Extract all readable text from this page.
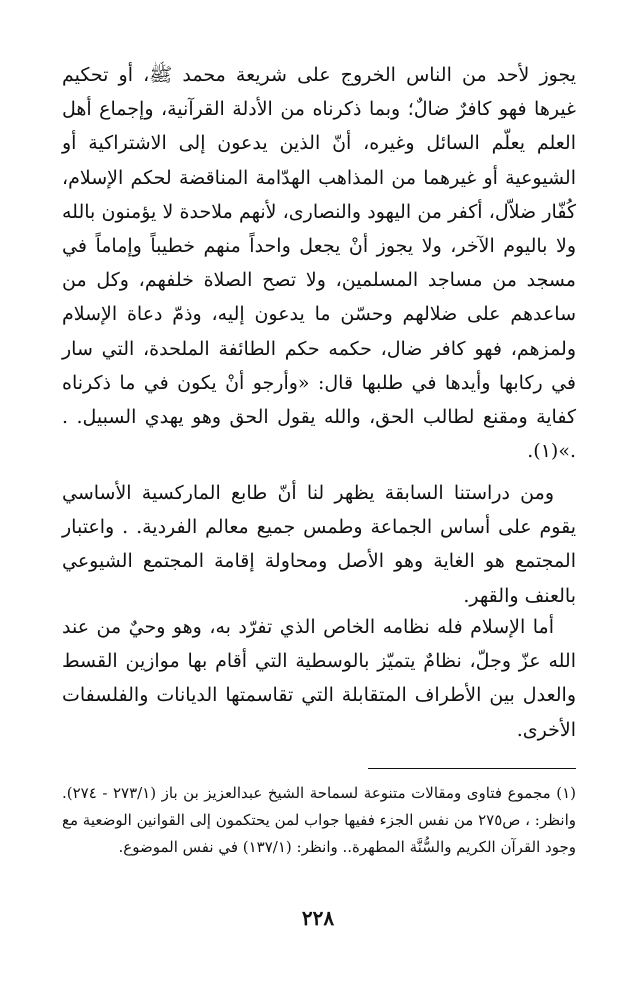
يجوز لأحد من الناس الخروج على شريعة محمد ﷺ، أو تحكيم غيرها فهو كافرٌ ضالٌ؛ وبما ذكرناه من الأدلة القرآنية، وإجماع أهل العلم يعلّم السائل وغيره، أنّ الذين يدعون إلى الاشتراكية أو الشيوعية أو غيرهما من المذاهب الهدّامة المناقضة لحكم الإسلام، كُفّار ضلاّل، أكفر من اليهود والنصارى، لأنهم ملاحدة لا يؤمنون بالله ولا باليوم الآخر، ولا يجوز أنْ يجعل واحداً منهم خطيباً وإماماً في مسجد من مساجد المسلمين، ولا تصح الصلاة خلفهم، وكل من ساعدهم على ضلالهم وحسّن ما يدعون إليه، وذمّ دعاة الإسلام ولمزهم، فهو كافر ضال، حكمه حكم الطائفة الملحدة، التي سار في ركابها وأيدها في طلبها قال: «وأرجو أنْ يكون في ما ذكرناه كفاية ومقنع لطالب الحق، والله يقول الحق وهو يهدي السبيل. . .»(١).

ومن دراستنا السابقة يظهر لنا أنّ طابع الماركسية الأساسي يقوم على أساس الجماعة وطمس جميع معالم الفردية. . واعتبار المجتمع هو الغاية وهو الأصل ومحاولة إقامة المجتمع الشيوعي بالعنف والقهر.

أما الإسلام فله نظامه الخاص الذي تفرّد به، وهو وحيٌ من عند الله عزّ وجلّ، نظامٌ يتميّز بالوسطية التي أقام بها موازين القسط والعدل بين الأطراف المتقابلة التي تقاسمتها الديانات والفلسفات الأخرى.

(١) مجموع فتاوى ومقالات متنوعة لسماحة الشيخ عبدالعزيز بن باز (٢٧٣/١ - ٢٧٤). وانظر: ، ص٢٧٥ من نفس الجزء ففيها جواب لمن يحتكمون إلى القوانين الوضعية مع وجود القرآن الكريم والسُّنَّة المطهرة.. وانظر: (١٣٧/١) في نفس الموضوع.

٢٢٨
